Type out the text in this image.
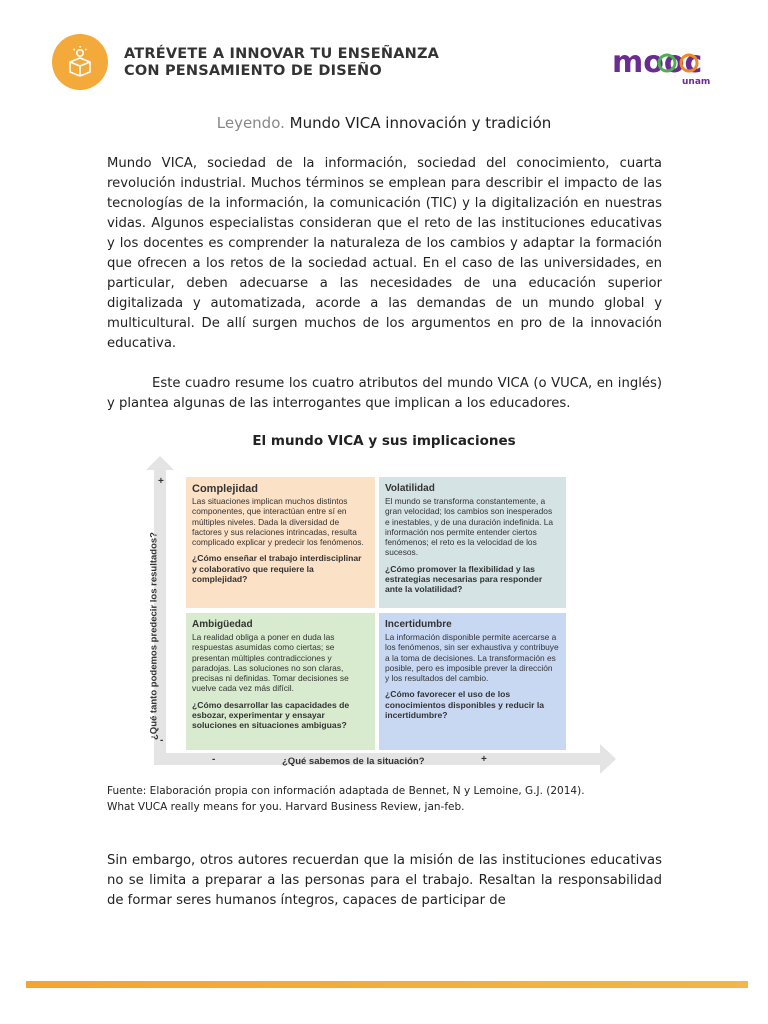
ATRÉVETE A INNOVAR TU ENSEÑANZA
CON PENSAMIENTO DE DISEÑO	mooc
unam
Leyendo. Mundo VICA innovación y tradición

Mundo VICA, sociedad de la información, sociedad del conocimiento, cuarta revolución industrial. Muchos términos se emplean para describir el impacto de las tecnologías de la información, la comunicación (TIC) y la digitalización en nuestras vidas. Algunos especialistas consideran que el reto de las instituciones educativas y los docentes es comprender la naturaleza de los cambios y adaptar la formación que ofrecen a los retos de la sociedad actual. En el caso de las universidades, en particular, deben adecuarse a las necesidades de una educación superior digitalizada y automatizada, acorde a las demandas de un mundo global y multicultural. De allí surgen muchos de los argumentos en pro de la innovación educativa.

Este cuadro resume los cuatro atributos del mundo VICA (o VUCA, en inglés) y plantea algunas de las interrogantes que implican a los educadores.

El mundo VICA y sus implicaciones
¿Qué tanto podemos predecir los resultados?
+
-
¿Qué sabemos de la situación?
-	+
Complejidad
Las situaciones implican muchos distintos componentes, que interactúan entre sí en múltiples niveles. Dada la diversidad de factores y sus relaciones intrincadas, resulta complicado explicar y predecir los fenómenos.
¿Cómo enseñar el trabajo interdisciplinar y colaborativo que requiere la complejidad?
Volatilidad
El mundo se transforma constantemente, a gran velocidad; los cambios son inesperados e inestables, y de una duración indefinida. La información nos permite entender ciertos fenómenos; el reto es la velocidad de los sucesos.
¿Cómo promover la flexibilidad y las estrategias necesarias para responder ante la volatilidad?
Ambigüedad
La realidad obliga a poner en duda las respuestas asumidas como ciertas; se presentan múltiples contradicciones y paradojas. Las soluciones no son claras, precisas ni definidas. Tomar decisiones se vuelve cada vez más difícil.
¿Cómo desarrollar las capacidades de esbozar, experimentar y ensayar soluciones en situaciones ambiguas?
Incertidumbre
La información disponible permite acercarse a los fenómenos, sin ser exhaustiva y contribuye a la toma de decisiones. La transformación es posible, pero es imposible prever la dirección y los resultados del cambio.
¿Cómo favorecer el uso de los conocimientos disponibles y reducir la incertidumbre?
Fuente: Elaboración propia con información adaptada de Bennet, N y Lemoine, G.J. (2014).
What VUCA really means for you. Harvard Business Review, jan-feb.

Sin embargo, otros autores recuerdan que la misión de las instituciones educativas no se limita a preparar a las personas para el trabajo. Resaltan la responsabilidad de formar seres humanos íntegros, capaces de participar de
